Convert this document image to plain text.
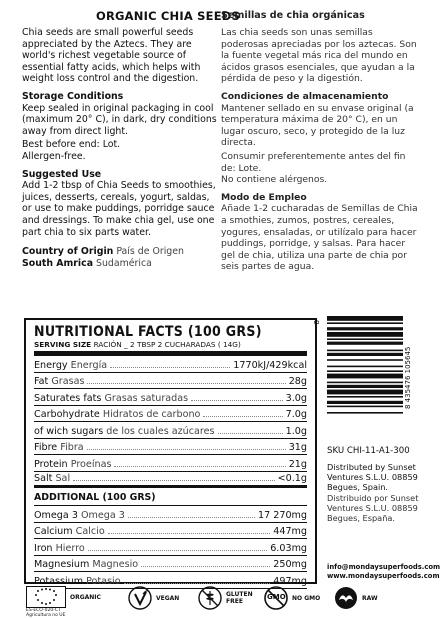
ORGANIC CHIA SEEDS
Semillas de chia orgánicas
Chia seeds are small powerful seeds appreciated by the Aztecs. They are world's richest vegetable source of essential fatty acids, which helps with weight loss control and the digestion.
Storage Conditions
Keep sealed in original packaging in cool (maximum 20° C), in dark, dry conditions away from direct light.
Best before end: Lot.
Allergen-free.
Suggested Use
Add 1-2 tbsp of Chia Seeds to smoothies, juices, desserts, cereals, yogurt, saldas, or use to make puddings, porridge sauce and dressings. To make chia gel, use one part chia to six parts water.
Country of Origin País de Origen
South Amrica Sudamérica
Las chia seeds son unas semillas poderosas apreciadas por los aztecas. Son la fuente vegetal más rica del mundo en ácidos grasos esenciales, que ayudan a la pérdida de peso y la digestión.
Condiciones de almacenamiento
Mantener sellado en su envase original (a temperatura máxima de 20° C), en un lugar oscuro, seco, y protegido de la luz directa.
Consumir preferentemente antes del fin de: Lote.
No contiene alérgenos.
Modo de Empleo
Añade 1-2 cucharadas de Semillas de Chia a smothies, zumos, postres, cereales, yogures, ensaladas, or utilízalo para hacer puddings, porridge, y salsas. Para hacer gel de chia, utiliza una parte de chia por seis partes de agua.
NUTRITIONAL FACTS (100 GRS)
SERVING SIZE RACIÓN _ 2 TBSP 2 CUCHARADAS ( 14G)
Energy Energía	1770kJ/429kcal
Fat Grasas	28g
Saturates fats Grasas saturadas	3.0g
Carbohydrate Hidratos de carbono	7.0g
of wich sugars de los cuales azúcares	1.0g
Fibre Fibra	31g
Protein Proeínas	21g
Salt Sal	<0.1g
ADDITIONAL (100 GRS)
Omega 3 Omega 3	17 270mg
Calcium Calcio	447mg
Iron Hierro	6.03mg
Magnesium Magnesio	250mg
Potassium Potasio	497mg
8
8 435476 105645
SKU CHI-11-A1-300
Distributed by Sunset Ventures S.L.U. 08859 Begues, Spain.
Distribuido por Sunset Ventures S.L.U. 08859 Begues, España.
info@mondaysuperfoods.com
www.mondaysuperfoods.com
ES-ECO-020-CT Agricultura no UE
ORGANIC	VEGAN	GLUTEN FREE
GMO NO GMO	RAW
